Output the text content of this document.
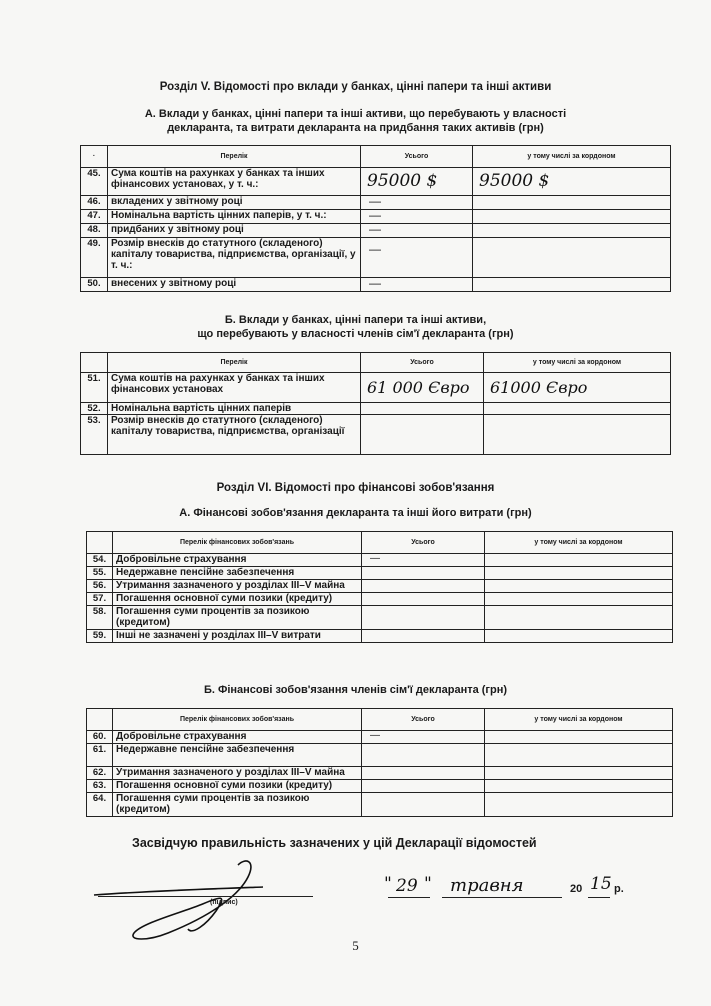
Розділ V. Відомості про вклади у банках, цінні папери та інші активи
А. Вклади у банках, цінні папери та інші активи, що перебувають у власності
декларанта, та витрати декларанта на придбання таких активів (грн)
·	Перелік	Усього	у тому числі за кордоном
45.	Сума коштів на рахунках у банках та інших фінансових установах, у т. ч.:	95000 $	95000 $
46.	вкладених у звітному році	—	
47.	Номінальна вартість цінних паперів, у т. ч.:	—	
48.	придбаних у звітному році	—	
49.	Розмір внесків до статутного (складеного) капіталу товариства, підприємства, організації, у т. ч.:	—	
50.	внесених у звітному році	—	
Б. Вклади у банках, цінні папери та інші активи,
що перебувають у власності членів сім'ї декларанта (грн)
	Перелік	Усього	у тому числі за кордоном
51.	Сума коштів на рахунках у банках та інших фінансових установах	61 000 Євро	61000 Євро
52.	Номінальна вартість цінних паперів		
53.	Розмір внесків до статутного (складеного) капіталу товариства, підприємства, організації		
Розділ VI. Відомості про фінансові зобов'язання
А. Фінансові зобов'язання декларанта та інші його витрати (грн)
	Перелік фінансових зобов'язань	Усього	у тому числі за кордоном
54.	Добровільне страхування	—	
55.	Недержавне пенсійне забезпечення		
56.	Утримання зазначеного у розділах III–V майна		
57.	Погашення основної суми позики (кредиту)		
58.	Погашення суми процентів за позикою (кредитом)		
59.	Інші не зазначені у розділах III–V витрати		
Б. Фінансові зобов'язання членів сім'ї декларанта (грн)
	Перелік фінансових зобов'язань	Усього	у тому числі за кордоном
60.	Добровільне страхування	—	
61.	Недержавне пенсійне забезпечення		
62.	Утримання зазначеного у розділах III–V майна		
63.	Погашення основної суми позики (кредиту)		
64.	Погашення суми процентів за позикою (кредитом)		
Засвідчую правильність зазначених у цій Декларації відомостей
(підпис)
" 29 " травня	20 15 р.
5
